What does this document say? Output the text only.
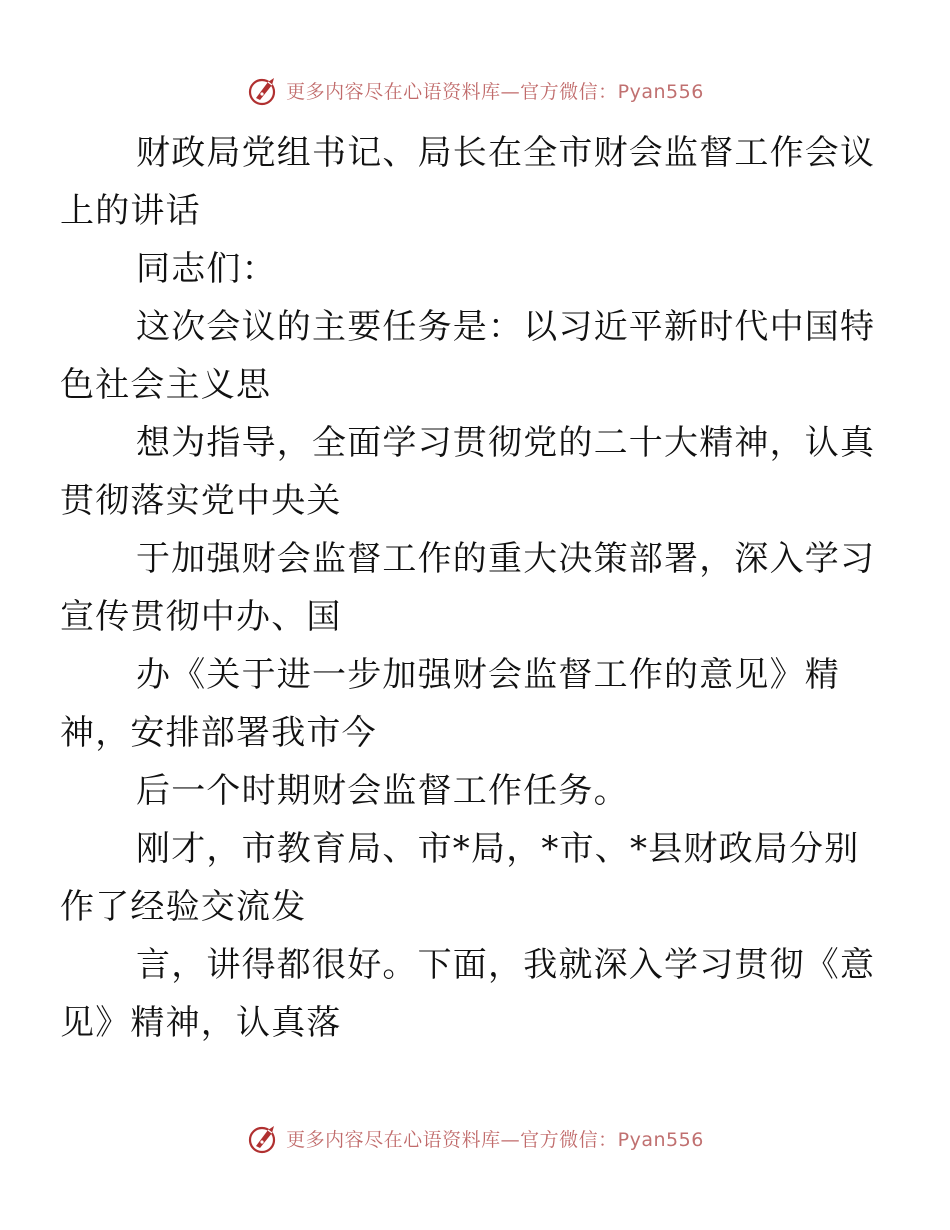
更多内容尽在心语资料库—官方微信：Pyan556

财政局党组书记、局长在全市财会监督工作会议
上的讲话

同志们：

这次会议的主要任务是：以习近平新时代中国特
色社会主义思

想为指导，全面学习贯彻党的二十大精神，认真
贯彻落实党中央关

于加强财会监督工作的重大决策部署，深入学习
宣传贯彻中办、国

办《关于进一步加强财会监督工作的意见》精
神，安排部署我市今

后一个时期财会监督工作任务。

刚才，市教育局、市*局，*市、*县财政局分别
作了经验交流发

言，讲得都很好。下面，我就深入学习贯彻《意
见》精神，认真落

更多内容尽在心语资料库—官方微信：Pyan556
